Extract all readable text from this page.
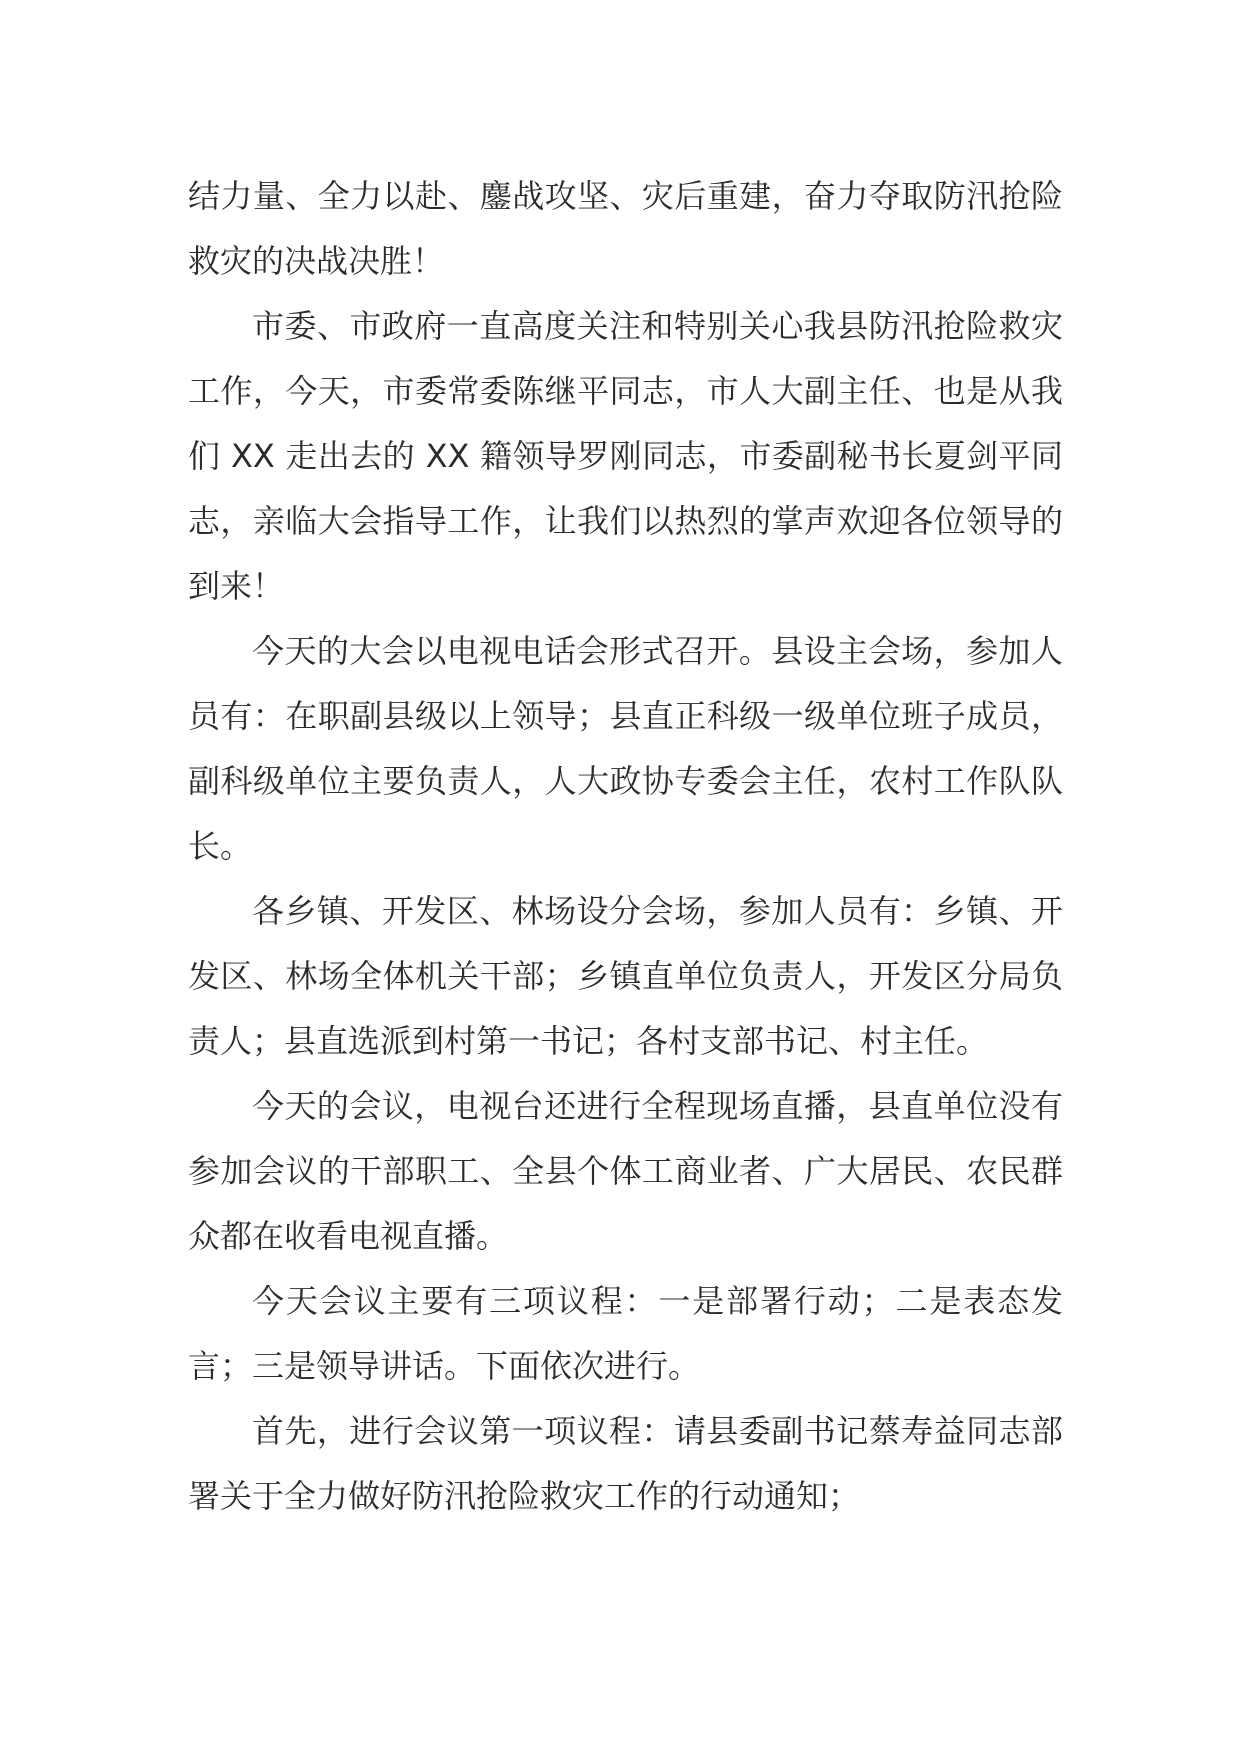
结力量、全力以赴、鏖战攻坚、灾后重建，奋力夺取防汛抢险救灾的决战决胜！

市委、市政府一直高度关注和特别关心我县防汛抢险救灾工作，今天，市委常委陈继平同志，市人大副主任、也是从我们 XX 走出去的 XX 籍领导罗刚同志，市委副秘书长夏剑平同志，亲临大会指导工作，让我们以热烈的掌声欢迎各位领导的到来！

今天的大会以电视电话会形式召开。县设主会场，参加人员有：在职副县级以上领导；县直正科级一级单位班子成员，副科级单位主要负责人，人大政协专委会主任，农村工作队队长。

各乡镇、开发区、林场设分会场，参加人员有：乡镇、开发区、林场全体机关干部；乡镇直单位负责人，开发区分局负责人；县直选派到村第一书记；各村支部书记、村主任。

今天的会议，电视台还进行全程现场直播，县直单位没有参加会议的干部职工、全县个体工商业者、广大居民、农民群众都在收看电视直播。

今天会议主要有三项议程：一是部署行动；二是表态发言；三是领导讲话。下面依次进行。

首先，进行会议第一项议程：请县委副书记蔡寿益同志部署关于全力做好防汛抢险救灾工作的行动通知；
